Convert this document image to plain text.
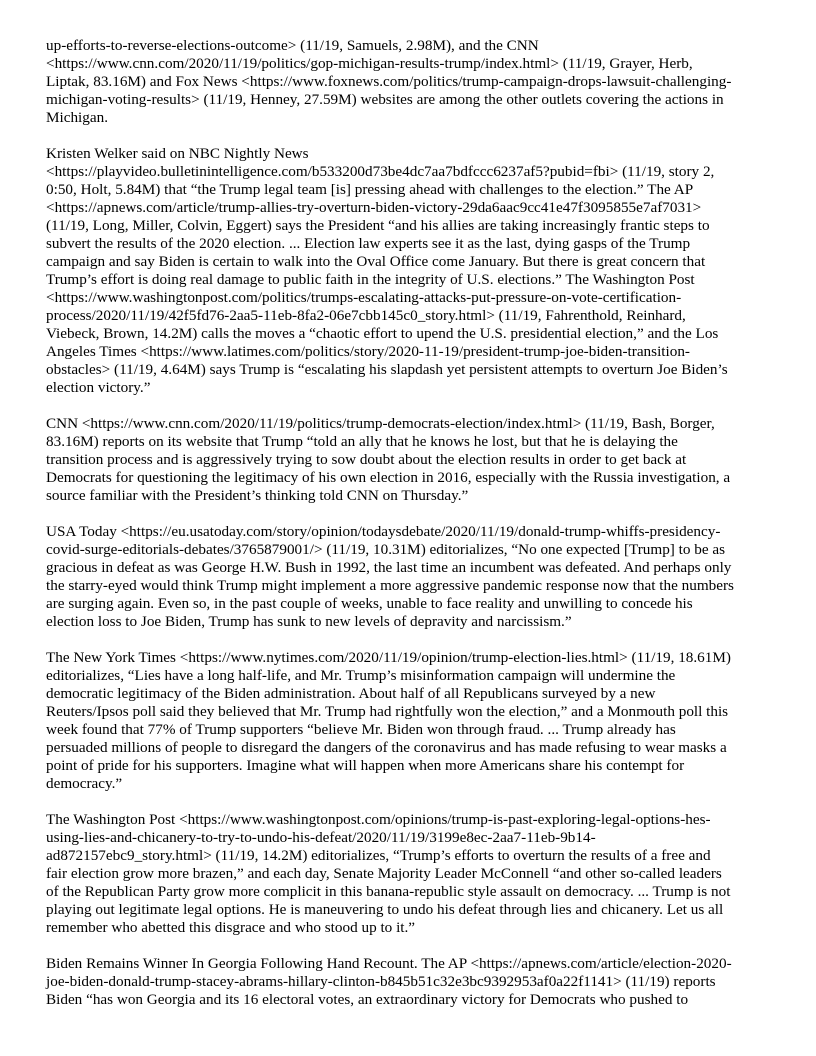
up-efforts-to-reverse-elections-outcome> (11/19, Samuels, 2.98M), and the CNN
<https://www.cnn.com/2020/11/19/politics/gop-michigan-results-trump/index.html> (11/19, Grayer, Herb,
Liptak, 83.16M) and Fox News <https://www.foxnews.com/politics/trump-campaign-drops-lawsuit-challenging-
michigan-voting-results> (11/19, Henney, 27.59M) websites are among the other outlets covering the actions in
Michigan.

Kristen Welker said on NBC Nightly News
<https://playvideo.bulletinintelligence.com/b533200d73be4dc7aa7bdfccc6237af5?pubid=fbi> (11/19, story 2,
0:50, Holt, 5.84M) that “the Trump legal team [is] pressing ahead with challenges to the election.” The AP
<https://apnews.com/article/trump-allies-try-overturn-biden-victory-29da6aac9cc41e47f3095855e7af7031>
(11/19, Long, Miller, Colvin, Eggert) says the President “and his allies are taking increasingly frantic steps to
subvert the results of the 2020 election. ... Election law experts see it as the last, dying gasps of the Trump
campaign and say Biden is certain to walk into the Oval Office come January. But there is great concern that
Trump’s effort is doing real damage to public faith in the integrity of U.S. elections.” The Washington Post
<https://www.washingtonpost.com/politics/trumps-escalating-attacks-put-pressure-on-vote-certification-
process/2020/11/19/42f5fd76-2aa5-11eb-8fa2-06e7cbb145c0_story.html> (11/19, Fahrenthold, Reinhard,
Viebeck, Brown, 14.2M) calls the moves a “chaotic effort to upend the U.S. presidential election,” and the Los
Angeles Times <https://www.latimes.com/politics/story/2020-11-19/president-trump-joe-biden-transition-
obstacles> (11/19, 4.64M) says Trump is “escalating his slapdash yet persistent attempts to overturn Joe Biden’s
election victory.”

CNN <https://www.cnn.com/2020/11/19/politics/trump-democrats-election/index.html> (11/19, Bash, Borger,
83.16M) reports on its website that Trump “told an ally that he knows he lost, but that he is delaying the
transition process and is aggressively trying to sow doubt about the election results in order to get back at
Democrats for questioning the legitimacy of his own election in 2016, especially with the Russia investigation, a
source familiar with the President’s thinking told CNN on Thursday.”

USA Today <https://eu.usatoday.com/story/opinion/todaysdebate/2020/11/19/donald-trump-whiffs-presidency-
covid-surge-editorials-debates/3765879001/> (11/19, 10.31M) editorializes, “No one expected [Trump] to be as
gracious in defeat as was George H.W. Bush in 1992, the last time an incumbent was defeated. And perhaps only
the starry-eyed would think Trump might implement a more aggressive pandemic response now that the numbers
are surging again. Even so, in the past couple of weeks, unable to face reality and unwilling to concede his
election loss to Joe Biden, Trump has sunk to new levels of depravity and narcissism.”

The New York Times <https://www.nytimes.com/2020/11/19/opinion/trump-election-lies.html> (11/19, 18.61M)
editorializes, “Lies have a long half-life, and Mr. Trump’s misinformation campaign will undermine the
democratic legitimacy of the Biden administration. About half of all Republicans surveyed by a new
Reuters/Ipsos poll said they believed that Mr. Trump had rightfully won the election,” and a Monmouth poll this
week found that 77% of Trump supporters “believe Mr. Biden won through fraud. ... Trump already has
persuaded millions of people to disregard the dangers of the coronavirus and has made refusing to wear masks a
point of pride for his supporters. Imagine what will happen when more Americans share his contempt for
democracy.”

The Washington Post <https://www.washingtonpost.com/opinions/trump-is-past-exploring-legal-options-hes-
using-lies-and-chicanery-to-try-to-undo-his-defeat/2020/11/19/3199e8ec-2aa7-11eb-9b14-
ad872157ebc9_story.html> (11/19, 14.2M) editorializes, “Trump’s efforts to overturn the results of a free and
fair election grow more brazen,” and each day, Senate Majority Leader McConnell “and other so-called leaders
of the Republican Party grow more complicit in this banana-republic style assault on democracy. ... Trump is not
playing out legitimate legal options. He is maneuvering to undo his defeat through lies and chicanery. Let us all
remember who abetted this disgrace and who stood up to it.”

Biden Remains Winner In Georgia Following Hand Recount. The AP <https://apnews.com/article/election-2020-
joe-biden-donald-trump-stacey-abrams-hillary-clinton-b845b51c32e3bc9392953af0a22f1141> (11/19) reports
Biden “has won Georgia and its 16 electoral votes, an extraordinary victory for Democrats who pushed to
